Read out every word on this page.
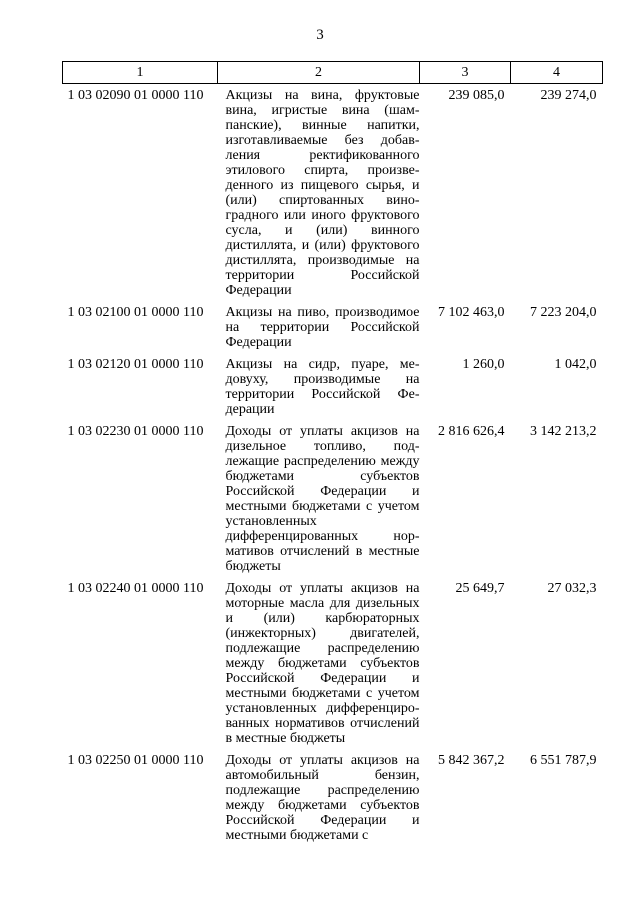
3
1	2	3	4
1 03 02090 01 0000 110	Акцизы на вина, фруктовые вина, игристые вина (шампанские), винные напитки, изготавливаемые без добавления ректификованного этилового спирта, произведенного из пищевого сырья, и (или) спиртованных виноградного или иного фруктового сусла, и (или) винного дистиллята, и (или) фруктового дистиллята, производимые на территории Российской Федерации	239 085,0	239 274,0
1 03 02100 01 0000 110	Акцизы на пиво, производимое на территории Российской Федерации	7 102 463,0	7 223 204,0
1 03 02120 01 0000 110	Акцизы на сидр, пуаре, медовуху, производимые на территории Российской Федерации	1 260,0	1 042,0
1 03 02230 01 0000 110	Доходы от уплаты акцизов на дизельное топливо, подлежащие распределению между бюджетами субъектов Российской Федерации и местными бюджетами с учетом установленных дифференцированных нормативов отчислений в местные бюджеты	2 816 626,4	3 142 213,2
1 03 02240 01 0000 110	Доходы от уплаты акцизов на моторные масла для дизельных и (или) карбюраторных (инжекторных) двигателей, подлежащие распределению между бюджетами субъектов Российской Федерации и местными бюджетами с учетом установленных дифференцированных нормативов отчислений в местные бюджеты	25 649,7	27 032,3
1 03 02250 01 0000 110	Доходы от уплаты акцизов на автомобильный бензин, подлежащие распределению между бюджетами субъектов Российской Федерации и местными бюджетами с	5 842 367,2	6 551 787,9
